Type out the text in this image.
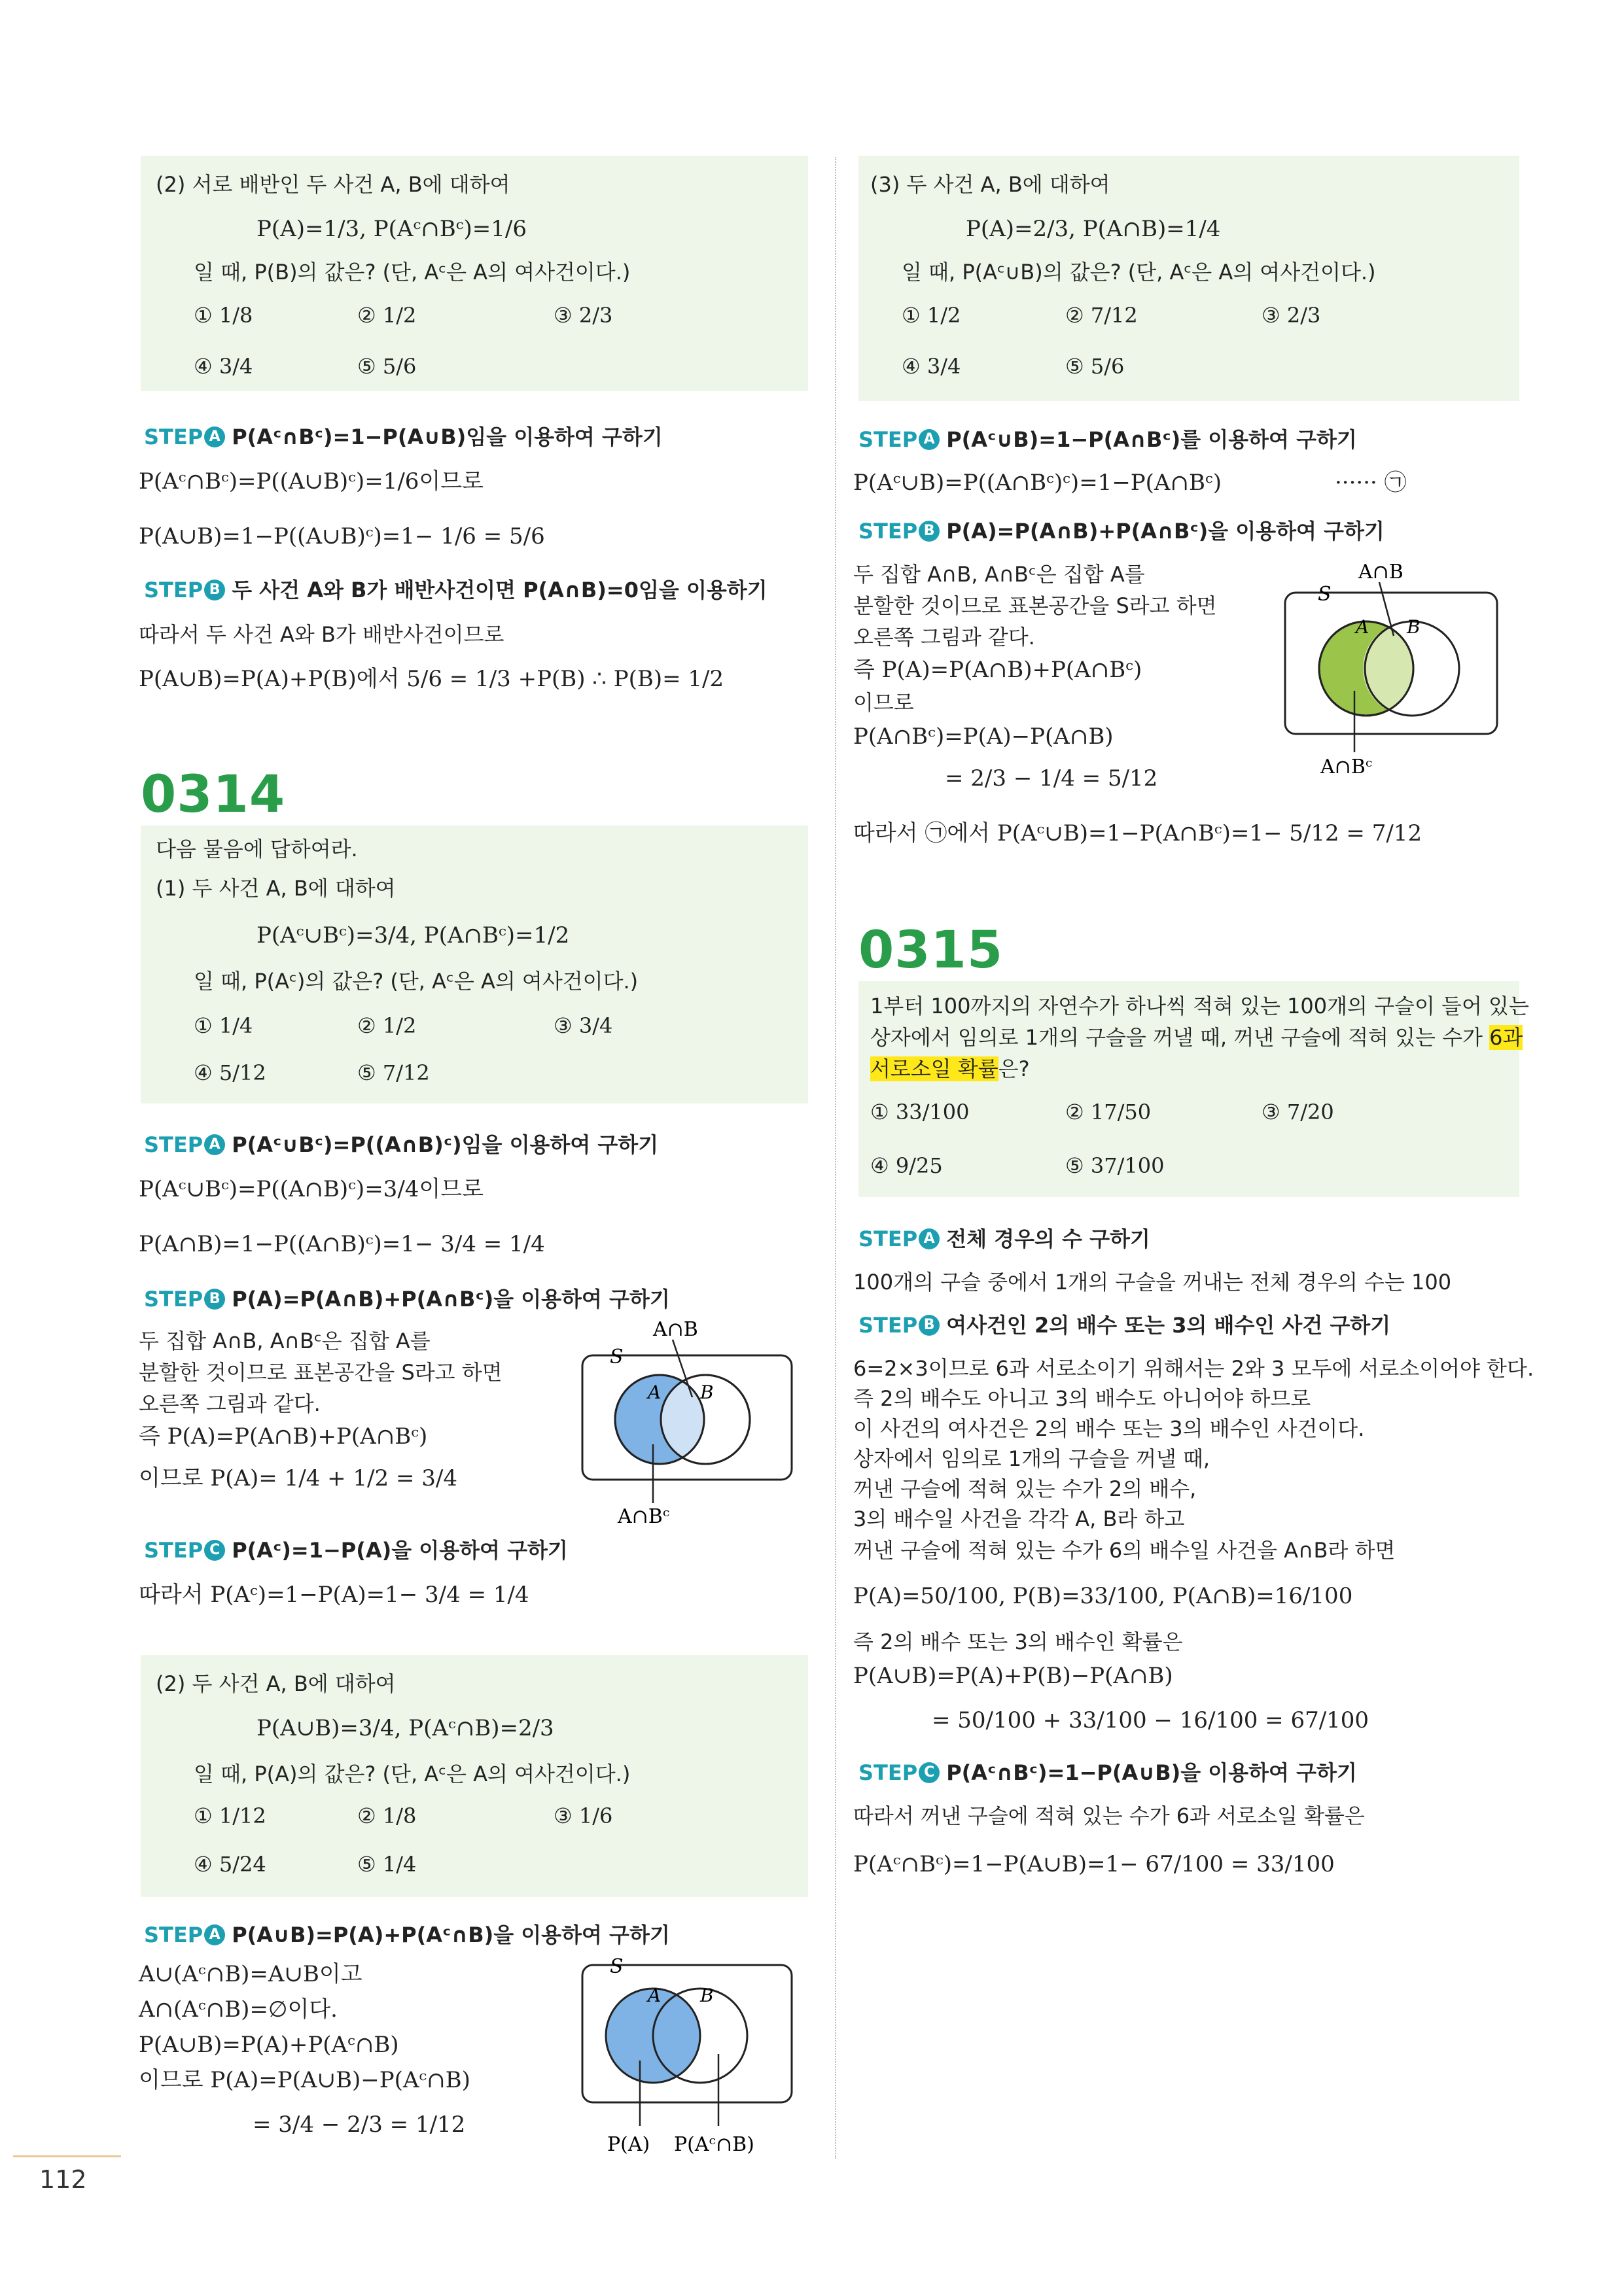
(2) 서로 배반인 두 사건 A, B에 대하여
P(A)=1/3, P(Aᶜ∩Bᶜ)=1/6
일 때, P(B)의 값은? (단, Aᶜ은 A의 여사건이다.)
① 1/8	② 1/2	③ 2/3
④ 3/4	⑤ 5/6
STEP A P(Aᶜ∩Bᶜ)=1−P(A∪B)임을 이용하여 구하기
P(Aᶜ∩Bᶜ)=P((A∪B)ᶜ)=1/6이므로
P(A∪B)=1−P((A∪B)ᶜ)=1− 1/6 = 5/6
STEP B 두 사건 A와 B가 배반사건이면 P(A∩B)=0임을 이용하기
따라서 두 사건 A와 B가 배반사건이므로
P(A∪B)=P(A)+P(B)에서 5/6 = 1/3 +P(B) ∴ P(B)= 1/2
0314
다음 물음에 답하여라.
(1) 두 사건 A, B에 대하여
P(Aᶜ∪Bᶜ)=3/4, P(A∩Bᶜ)=1/2
일 때, P(Aᶜ)의 값은? (단, Aᶜ은 A의 여사건이다.)
① 1/4	② 1/2	③ 3/4
④ 5/12	⑤ 7/12
STEP A P(Aᶜ∪Bᶜ)=P((A∩B)ᶜ)임을 이용하여 구하기
P(Aᶜ∪Bᶜ)=P((A∩B)ᶜ)=3/4이므로
P(A∩B)=1−P((A∩B)ᶜ)=1− 3/4 = 1/4
STEP B P(A)=P(A∩B)+P(A∩Bᶜ)을 이용하여 구하기
두 집합 A∩B, A∩Bᶜ은 집합 A를
분할한 것이므로 표본공간을 S라고 하면
오른쪽 그림과 같다.
즉 P(A)=P(A∩B)+P(A∩Bᶜ)
이므로 P(A)= 1/4 + 1/2 = 3/4
A∩B
S
A B
A∩Bᶜ
STEP C P(Aᶜ)=1−P(A)을 이용하여 구하기
따라서 P(Aᶜ)=1−P(A)=1− 3/4 = 1/4
(2) 두 사건 A, B에 대하여
P(A∪B)=3/4, P(Aᶜ∩B)=2/3
일 때, P(A)의 값은? (단, Aᶜ은 A의 여사건이다.)
① 1/12	② 1/8	③ 1/6
④ 5/24	⑤ 1/4
STEP A P(A∪B)=P(A)+P(Aᶜ∩B)을 이용하여 구하기
A∪(Aᶜ∩B)=A∪B이고
A∩(Aᶜ∩B)=∅이다.
P(A∪B)=P(A)+P(Aᶜ∩B)
이므로 P(A)=P(A∪B)−P(Aᶜ∩B)
= 3/4 − 2/3 = 1/12
S
A B
P(A) P(Aᶜ∩B)
(3) 두 사건 A, B에 대하여
P(A)=2/3, P(A∩B)=1/4
일 때, P(Aᶜ∪B)의 값은? (단, Aᶜ은 A의 여사건이다.)
① 1/2	② 7/12	③ 2/3
④ 3/4	⑤ 5/6
STEP A P(Aᶜ∪B)=1−P(A∩Bᶜ)를 이용하여 구하기
P(Aᶜ∪B)=P((A∩Bᶜ)ᶜ)=1−P(A∩Bᶜ)	······ ㉠
STEP B P(A)=P(A∩B)+P(A∩Bᶜ)을 이용하여 구하기
두 집합 A∩B, A∩Bᶜ은 집합 A를
분할한 것이므로 표본공간을 S라고 하면
오른쪽 그림과 같다.
즉 P(A)=P(A∩B)+P(A∩Bᶜ)
이므로
P(A∩Bᶜ)=P(A)−P(A∩B)
= 2/3 − 1/4 = 5/12
따라서 ㉠에서 P(Aᶜ∪B)=1−P(A∩Bᶜ)=1− 5/12 = 7/12
A∩B
S
A B
A∩Bᶜ
0315
1부터 100까지의 자연수가 하나씩 적혀 있는 100개의 구슬이 들어 있는
상자에서 임의로 1개의 구슬을 꺼낼 때, 꺼낸 구슬에 적혀 있는 수가 6과
서로소일 확률은?
① 33/100	② 17/50	③ 7/20
④ 9/25	⑤ 37/100
STEP A 전체 경우의 수 구하기
100개의 구슬 중에서 1개의 구슬을 꺼내는 전체 경우의 수는 100
STEP B 여사건인 2의 배수 또는 3의 배수인 사건 구하기
6=2×3이므로 6과 서로소이기 위해서는 2와 3 모두에 서로소이어야 한다.
즉 2의 배수도 아니고 3의 배수도 아니어야 하므로
이 사건의 여사건은 2의 배수 또는 3의 배수인 사건이다.
상자에서 임의로 1개의 구슬을 꺼낼 때,
꺼낸 구슬에 적혀 있는 수가 2의 배수,
3의 배수일 사건을 각각 A, B라 하고
꺼낸 구슬에 적혀 있는 수가 6의 배수일 사건을 A∩B라 하면
P(A)=50/100, P(B)=33/100, P(A∩B)=16/100
즉 2의 배수 또는 3의 배수인 확률은
P(A∪B)=P(A)+P(B)−P(A∩B)
= 50/100 + 33/100 − 16/100 = 67/100
STEP C P(Aᶜ∩Bᶜ)=1−P(A∪B)을 이용하여 구하기
따라서 꺼낸 구슬에 적혀 있는 수가 6과 서로소일 확률은
P(Aᶜ∩Bᶜ)=1−P(A∪B)=1− 67/100 = 33/100
112
